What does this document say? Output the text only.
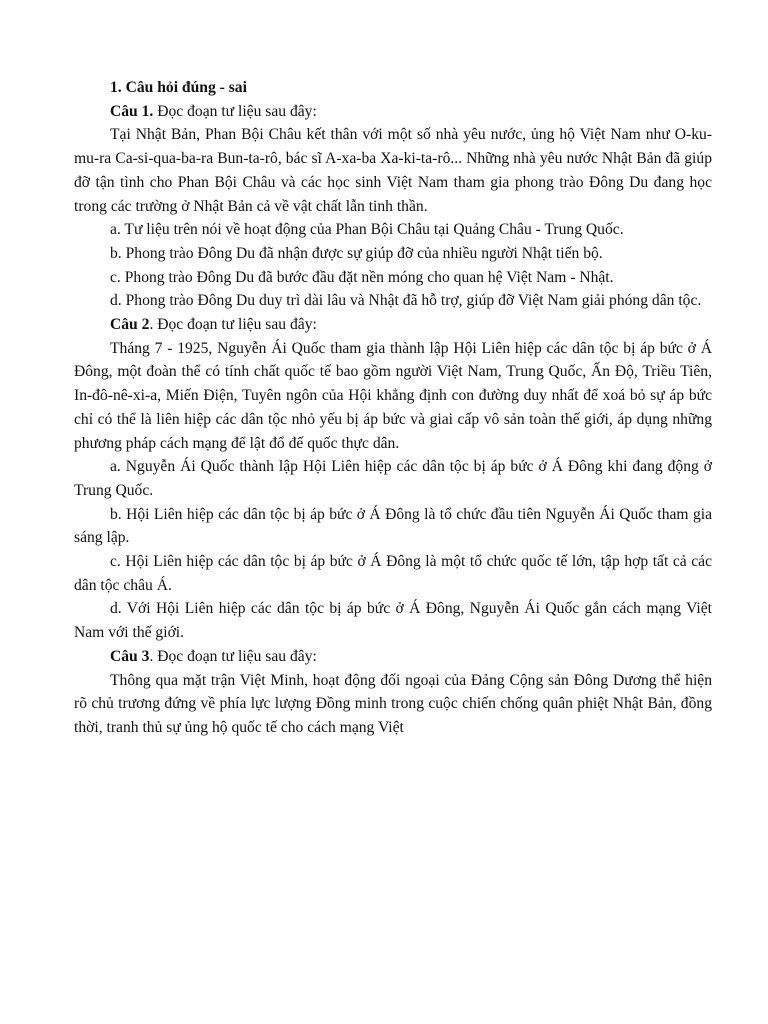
1. Câu hỏi đúng - sai

Câu 1. Đọc đoạn tư liệu sau đây:

Tại Nhật Bản, Phan Bội Châu kết thân với một số nhà yêu nước, ủng hộ Việt Nam như O-ku-mu-ra Ca-si-qua-ba-ra Bun-ta-rô, bác sĩ A-xa-ba Xa-ki-ta-rô... Những nhà yêu nước Nhật Bản đã giúp đỡ tận tình cho Phan Bội Châu và các học sinh Việt Nam tham gia phong trào Đông Du đang học trong các trường ở Nhật Bản cả về vật chất lẫn tinh thần.

a. Tư liệu trên nói về hoạt động của Phan Bội Châu tại Quảng Châu - Trung Quốc.

b. Phong trào Đông Du đã nhận được sự giúp đỡ của nhiều người Nhật tiến bộ.

c. Phong trào Đông Du đã bước đầu đặt nền móng cho quan hệ Việt Nam - Nhật.

d. Phong trào Đông Du duy trì dài lâu và Nhật đã hỗ trợ, giúp đỡ Việt Nam giải phóng dân tộc.

Câu 2. Đọc đoạn tư liệu sau đây:

Tháng 7 - 1925, Nguyễn Ái Quốc tham gia thành lập Hội Liên hiệp các dân tộc bị áp bức ở Á Đông, một đoàn thể có tính chất quốc tế bao gồm người Việt Nam, Trung Quốc, Ấn Độ, Triều Tiên, In-đô-nê-xi-a, Miến Điện, Tuyên ngôn của Hội khẳng định con đường duy nhất để xoá bỏ sự áp bức chỉ có thể là liên hiệp các dân tộc nhỏ yếu bị áp bức và giai cấp vô sản toàn thế giới, áp dụng những phương pháp cách mạng để lật đổ đế quốc thực dân.

a. Nguyễn Ái Quốc thành lập Hội Liên hiệp các dân tộc bị áp bức ở Á Đông khi đang động ở Trung Quốc.

b. Hội Liên hiệp các dân tộc bị áp bức ở Á Đông là tổ chức đầu tiên Nguyễn Ái Quốc tham gia sáng lập.

c. Hội Liên hiệp các dân tộc bị áp bức ở Á Đông là một tổ chức quốc tế lớn, tập hợp tất cả các dân tộc châu Á.

d. Với Hội Liên hiệp các dân tộc bị áp bức ở Á Đông, Nguyễn Ái Quốc gắn cách mạng Việt Nam với thế giới.

Câu 3. Đọc đoạn tư liệu sau đây:

Thông qua mặt trận Việt Minh, hoạt động đối ngoại của Đảng Cộng sản Đông Dương thể hiện rõ chủ trương đứng về phía lực lượng Đồng minh trong cuộc chiến chống quân phiệt Nhật Bản, đồng thời, tranh thủ sự ủng hộ quốc tế cho cách mạng Việt
